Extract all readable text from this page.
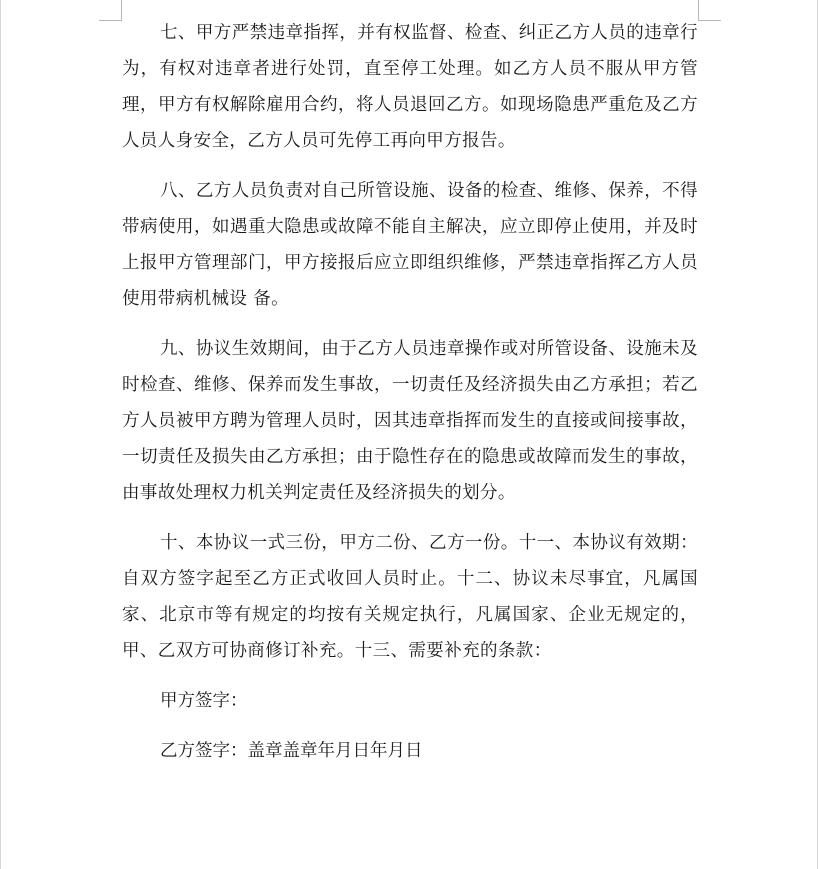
七、甲方严禁违章指挥，并有权监督、检查、纠正乙方人员的违章行为，有权对违章者进行处罚，直至停工处理。如乙方人员不服从甲方管理，甲方有权解除雇用合约，将人员退回乙方。如现场隐患严重危及乙方人员人身安全，乙方人员可先停工再向甲方报告。

八、乙方人员负责对自己所管设施、设备的检查、维修、保养，不得带病使用，如遇重大隐患或故障不能自主解决，应立即停止使用，并及时上报甲方管理部门，甲方接报后应立即组织维修，严禁违章指挥乙方人员使用带病机械设 备。

九、协议生效期间，由于乙方人员违章操作或对所管设备、设施未及时检查、维修、保养而发生事故，一切责任及经济损失由乙方承担；若乙方人员被甲方聘为管理人员时，因其违章指挥而发生的直接或间接事故，一切责任及损失由乙方承担；由于隐性存在的隐患或故障而发生的事故，由事故处理权力机关判定责任及经济损失的划分。

十、本协议一式三份，甲方二份、乙方一份。十一、本协议有效期：自双方签字起至乙方正式收回人员时止。十二、协议未尽事宜，凡属国家、北京市等有规定的均按有关规定执行，凡属国家、企业无规定的，甲、乙双方可协商修订补充。十三、需要补充的条款：

甲方签字：

乙方签字：盖章盖章年月日年月日
